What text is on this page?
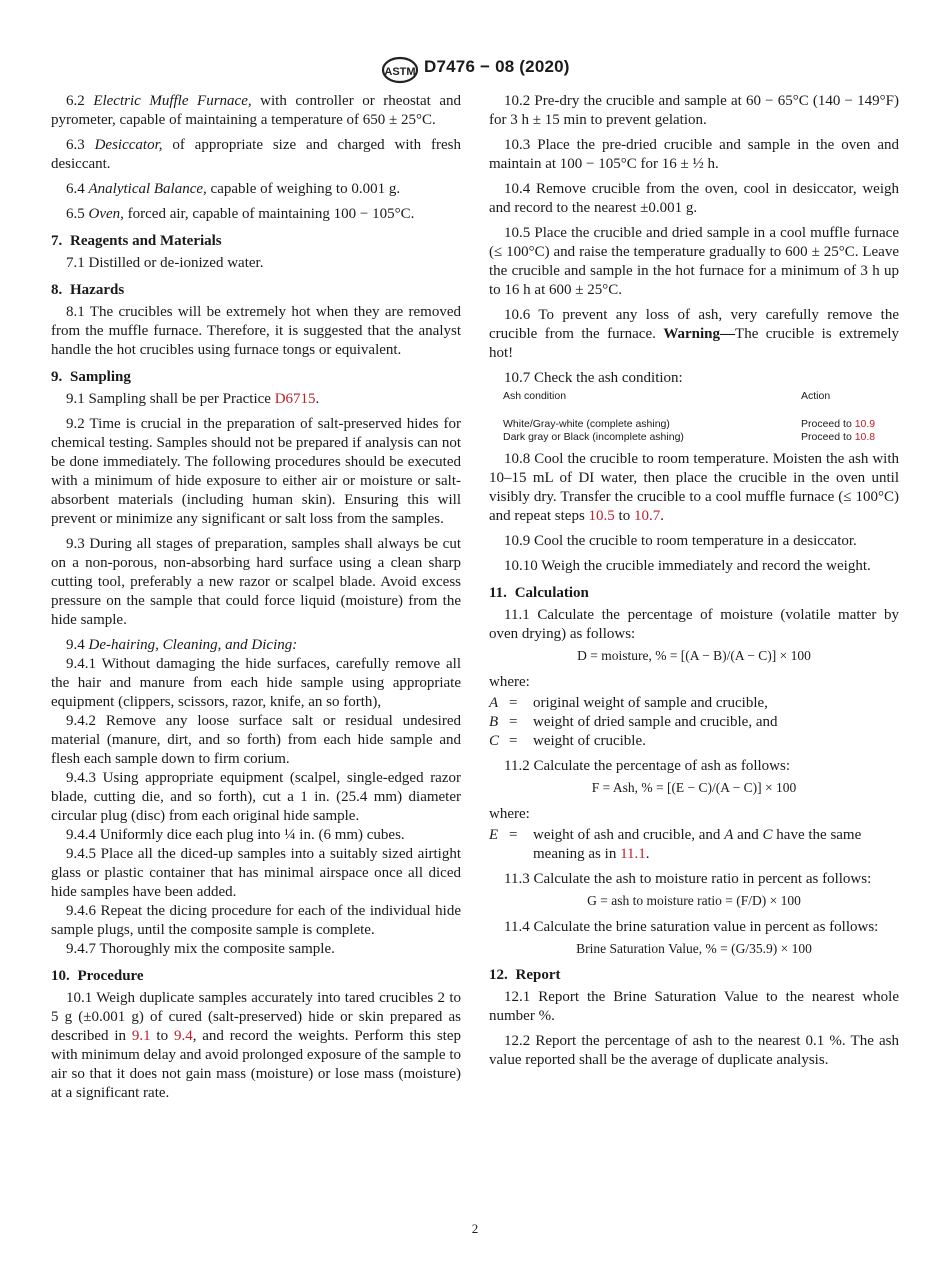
ASTM D7476 − 08 (2020)

6.2 Electric Muffle Furnace, with controller or rheostat and pyrometer, capable of maintaining a temperature of 650 ± 25°C.

6.3 Desiccator, of appropriate size and charged with fresh desiccant.

6.4 Analytical Balance, capable of weighing to 0.001 g.

6.5 Oven, forced air, capable of maintaining 100 − 105°C.

7. Reagents and Materials

7.1 Distilled or de-ionized water.

8. Hazards

8.1 The crucibles will be extremely hot when they are removed from the muffle furnace. Therefore, it is suggested that the analyst handle the hot crucibles using furnace tongs or equivalent.

9. Sampling

9.1 Sampling shall be per Practice D6715.

9.2 Time is crucial in the preparation of salt-preserved hides for chemical testing. Samples should not be prepared if analysis can not be done immediately. The following procedures should be executed with a minimum of hide exposure to either air or moisture or salt-absorbent materials (including human skin). Ensuring this will prevent or minimize any significant or salt loss from the samples.

9.3 During all stages of preparation, samples shall always be cut on a non-porous, non-absorbing hard surface using a clean sharp cutting tool, preferably a new razor or scalpel blade. Avoid excess pressure on the sample that could force liquid (moisture) from the hide sample.

9.4 De-hairing, Cleaning, and Dicing:

9.4.1 Without damaging the hide surfaces, carefully remove all the hair and manure from each hide sample using appropriate equipment (clippers, scissors, razor, knife, an so forth),

9.4.2 Remove any loose surface salt or residual undesired material (manure, dirt, and so forth) from each hide sample and flesh each sample down to firm corium.

9.4.3 Using appropriate equipment (scalpel, single-edged razor blade, cutting die, and so forth), cut a 1 in. (25.4 mm) diameter circular plug (disc) from each original hide sample.

9.4.4 Uniformly dice each plug into ¼ in. (6 mm) cubes.

9.4.5 Place all the diced-up samples into a suitably sized airtight glass or plastic container that has minimal airspace once all diced hide samples have been added.

9.4.6 Repeat the dicing procedure for each of the individual hide sample plugs, until the composite sample is complete.

9.4.7 Thoroughly mix the composite sample.

10. Procedure

10.1 Weigh duplicate samples accurately into tared crucibles 2 to 5 g (±0.001 g) of cured (salt-preserved) hide or skin prepared as described in 9.1 to 9.4, and record the weights. Perform this step with minimum delay and avoid prolonged exposure of the sample to air so that it does not gain mass (moisture) or lose mass (moisture) at a significant rate.

10.2 Pre-dry the crucible and sample at 60 − 65°C (140 − 149°F) for 3 h ± 15 min to prevent gelation.

10.3 Place the pre-dried crucible and sample in the oven and maintain at 100 − 105°C for 16 ± ½ h.

10.4 Remove crucible from the oven, cool in desiccator, weigh and record to the nearest ±0.001 g.

10.5 Place the crucible and dried sample in a cool muffle furnace (≤ 100°C) and raise the temperature gradually to 600 ± 25°C. Leave the crucible and sample in the hot furnace for a minimum of 3 h up to 16 h at 600 ± 25°C.

10.6 To prevent any loss of ash, very carefully remove the crucible from the furnace. Warning—The crucible is extremely hot!

10.7 Check the ash condition:

Ash condition	Action
White/Gray-white (complete ashing)	Proceed to 10.9
Dark gray or Black (incomplete ashing)	Proceed to 10.8

10.8 Cool the crucible to room temperature. Moisten the ash with 10–15 mL of DI water, then place the crucible in the oven until visibly dry. Transfer the crucible to a cool muffle furnace (≤ 100°C) and repeat steps 10.5 to 10.7.

10.9 Cool the crucible to room temperature in a desiccator.

10.10 Weigh the crucible immediately and record the weight.

11. Calculation

11.1 Calculate the percentage of moisture (volatile matter by oven drying) as follows:

D = moisture, % = [(A − B)/(A − C)] × 100

where:

A =	original weight of sample and crucible,
B =	weight of dried sample and crucible, and
C =	weight of crucible.

11.2 Calculate the percentage of ash as follows:

F = Ash, % = [(E − C)/(A − C)] × 100

where:

E =	weight of ash and crucible, and A and C have the same meaning as in 11.1.

11.3 Calculate the ash to moisture ratio in percent as follows:

G = ash to moisture ratio = (F/D) × 100

11.4 Calculate the brine saturation value in percent as follows:

Brine Saturation Value, % = (G/35.9) × 100
12. Report

12.1 Report the Brine Saturation Value to the nearest whole number %.

12.2 Report the percentage of ash to the nearest 0.1 %. The ash value reported shall be the average of duplicate analysis.

2
